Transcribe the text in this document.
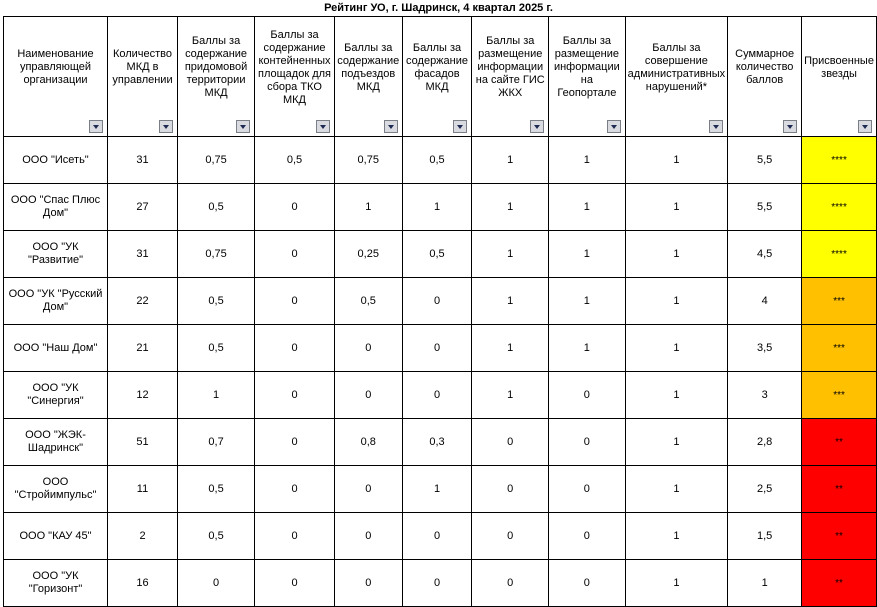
Рейтинг УО, г. Шадринск, 4 квартал 2025 г.
Наименование управляющей организации	Количество МКД в управлении	Баллы за содержание придомовой территории МКД	Баллы за содержание контейненных площадок для сбора ТКО МКД	Баллы за содержание подъездов МКД	Баллы за содержание фасадов МКД	Баллы за размещение информации на сайте ГИС ЖКХ	Баллы за размещение информации на Геопортале	Баллы за совершение административных нарушений*	Суммарное количество баллов	Присвоенные звезды

ООО "Исеть"	31	0,75	0,5	0,75	0,5	1	1	1	5,5	****
ООО "Спас Плюс Дом"	27	0,5	0	1	1	1	1	1	5,5	****
ООО "УК "Развитие"	31	0,75	0	0,25	0,5	1	1	1	4,5	****
ООО "УК "Русский Дом"	22	0,5	0	0,5	0	1	1	1	4	***
ООО "Наш Дом"	21	0,5	0	0	0	1	1	1	3,5	***
ООО "УК "Синергия"	12	1	0	0	0	1	0	1	3	***
ООО "ЖЭК-Шадринск"	51	0,7	0	0,8	0,3	0	0	1	2,8	**
ООО "Стройимпульс"	11	0,5	0	0	1	0	0	1	2,5	**
ООО "КАУ 45"	2	0,5	0	0	0	0	0	1	1,5	**
ООО "УК "Горизонт"	16	0	0	0	0	0	0	1	1	**
